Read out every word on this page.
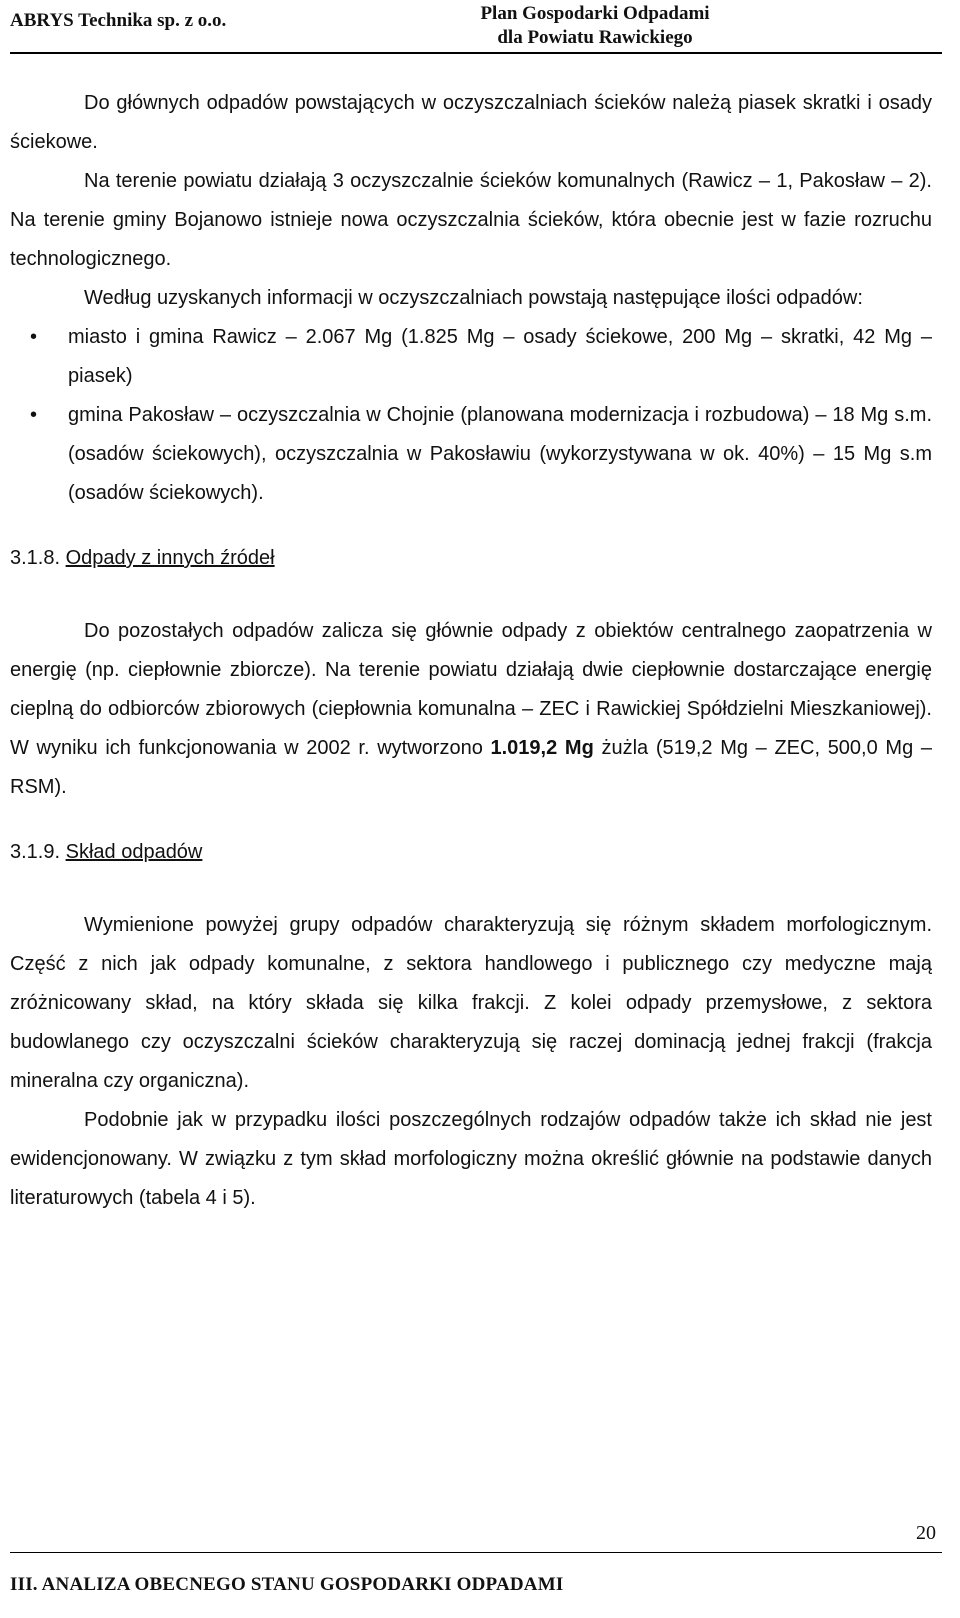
ABRYS Technika sp. z o.o.	Plan Gospodarki Odpadami
dla Powiatu Rawickiego

Do głównych odpadów powstających w oczyszczalniach ścieków należą piasek skratki i osady ściekowe.

Na terenie powiatu działają 3 oczyszczalnie ścieków komunalnych (Rawicz – 1, Pakosław – 2). Na terenie gminy Bojanowo istnieje nowa oczyszczalnia ścieków, która obecnie jest w fazie rozruchu technologicznego.

Według uzyskanych informacji w oczyszczalniach powstają następujące ilości odpadów:

• miasto i gmina Rawicz – 2.067 Mg (1.825 Mg – osady ściekowe, 200 Mg – skratki, 42 Mg – piasek)
• gmina Pakosław – oczyszczalnia w Chojnie (planowana modernizacja i rozbudowa) – 18 Mg s.m. (osadów ściekowych), oczyszczalnia w Pakosławiu (wykorzystywana w ok. 40%) – 15 Mg s.m (osadów ściekowych).

3.1.8. Odpady z innych źródeł

Do pozostałych odpadów zalicza się głównie odpady z obiektów centralnego zaopatrzenia w energię (np. ciepłownie zbiorcze). Na terenie powiatu działają dwie ciepłownie dostarczające energię cieplną do odbiorców zbiorowych (ciepłownia komunalna – ZEC i Rawickiej Spółdzielni Mieszkaniowej). W wyniku ich funkcjonowania w 2002 r. wytworzono 1.019,2 Mg żużla (519,2 Mg – ZEC, 500,0 Mg – RSM).

3.1.9. Skład odpadów

Wymienione powyżej grupy odpadów charakteryzują się różnym składem morfologicznym. Część z nich jak odpady komunalne, z sektora handlowego i publicznego czy medyczne mają zróżnicowany skład, na który składa się kilka frakcji. Z kolei odpady przemysłowe, z sektora budowlanego czy oczyszczalni ścieków charakteryzują się raczej dominacją jednej frakcji (frakcja mineralna czy organiczna).

Podobnie jak w przypadku ilości poszczególnych rodzajów odpadów także ich skład nie jest ewidencjonowany. W związku z tym skład morfologiczny można określić głównie na podstawie danych literaturowych (tabela 4 i 5).

20
III. ANALIZA OBECNEGO STANU GOSPODARKI ODPADAMI
